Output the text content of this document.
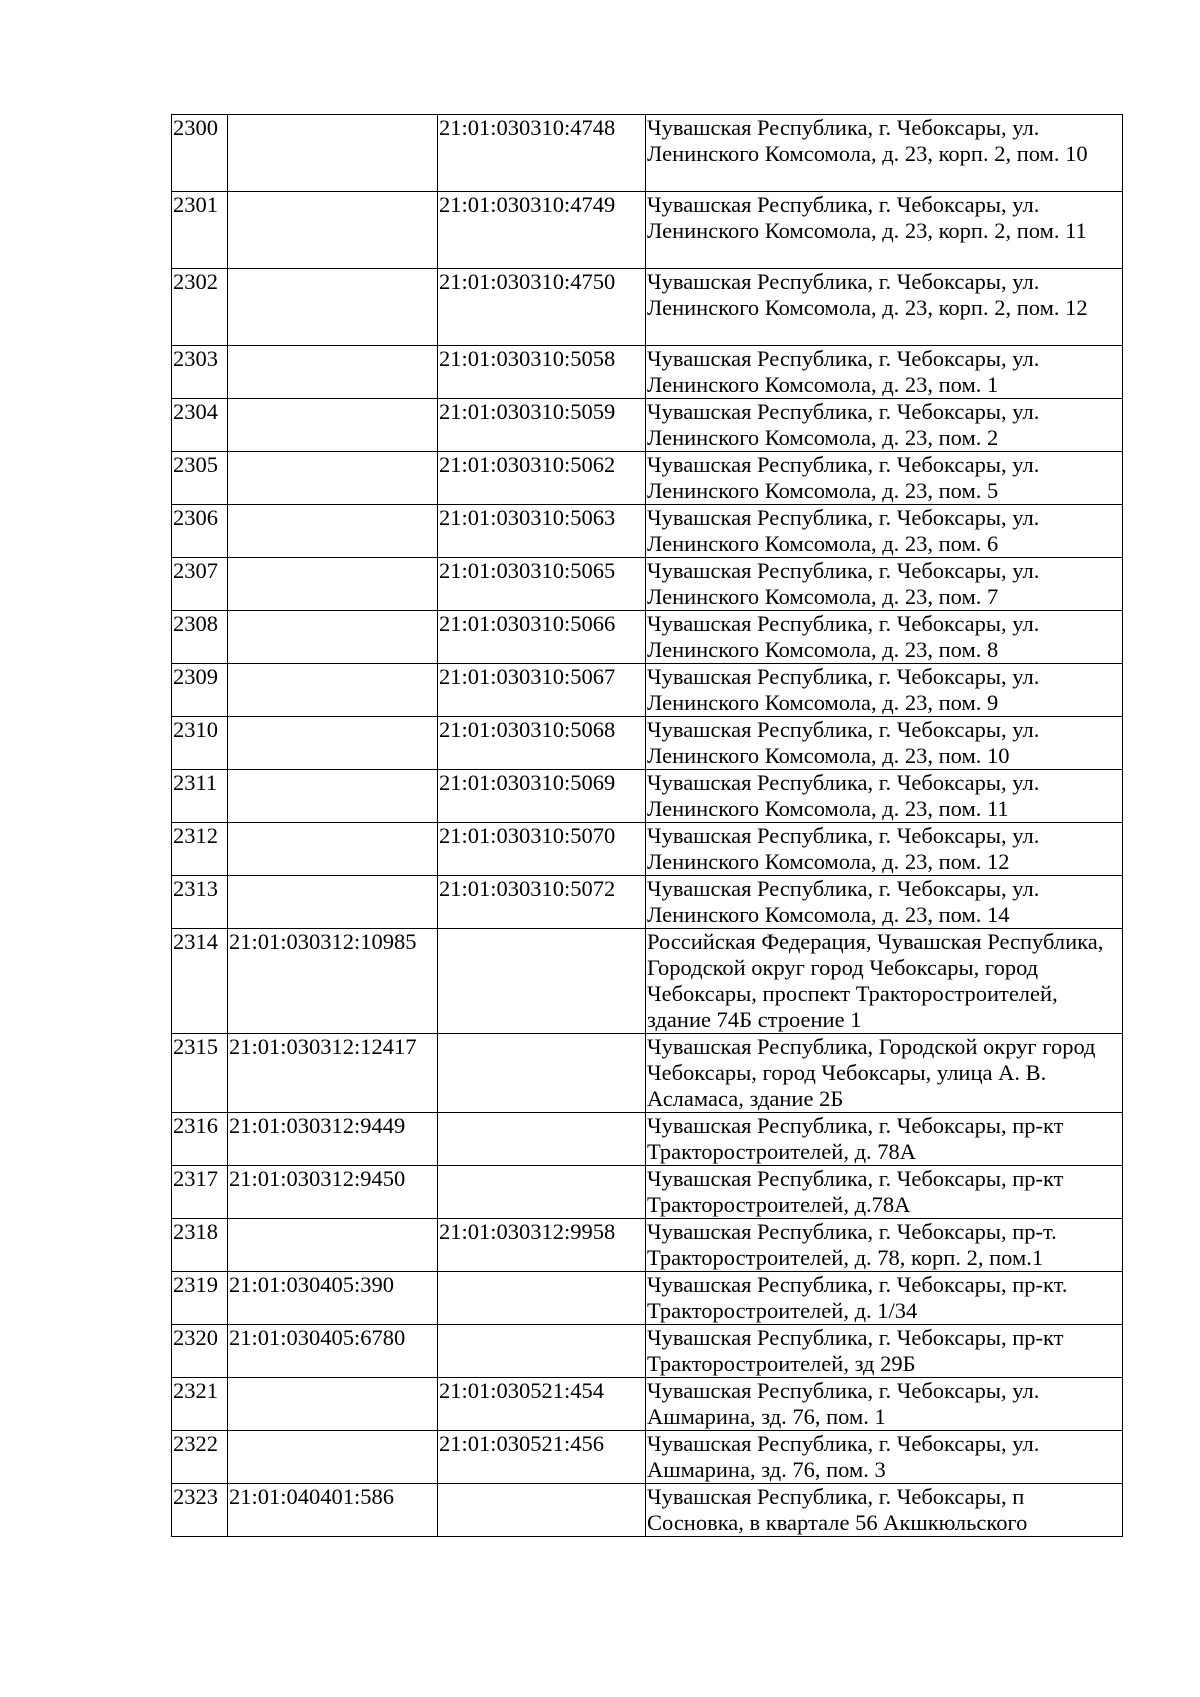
2300		21:01:030310:4748	Чувашская Республика, г. Чебоксары, ул. Ленинского Комсомола, д. 23, корп. 2, пом. 10
2301		21:01:030310:4749	Чувашская Республика, г. Чебоксары, ул. Ленинского Комсомола, д. 23, корп. 2, пом. 11
2302		21:01:030310:4750	Чувашская Республика, г. Чебоксары, ул. Ленинского Комсомола, д. 23, корп. 2, пом. 12
2303		21:01:030310:5058	Чувашская Республика, г. Чебоксары, ул. Ленинского Комсомола, д. 23, пом. 1
2304		21:01:030310:5059	Чувашская Республика, г. Чебоксары, ул. Ленинского Комсомола, д. 23, пом. 2
2305		21:01:030310:5062	Чувашская Республика, г. Чебоксары, ул. Ленинского Комсомола, д. 23, пом. 5
2306		21:01:030310:5063	Чувашская Республика, г. Чебоксары, ул. Ленинского Комсомола, д. 23, пом. 6
2307		21:01:030310:5065	Чувашская Республика, г. Чебоксары, ул. Ленинского Комсомола, д. 23, пом. 7
2308		21:01:030310:5066	Чувашская Республика, г. Чебоксары, ул. Ленинского Комсомола, д. 23, пом. 8
2309		21:01:030310:5067	Чувашская Республика, г. Чебоксары, ул. Ленинского Комсомола, д. 23, пом. 9
2310		21:01:030310:5068	Чувашская Республика, г. Чебоксары, ул. Ленинского Комсомола, д. 23, пом. 10
2311		21:01:030310:5069	Чувашская Республика, г. Чебоксары, ул. Ленинского Комсомола, д. 23, пом. 11
2312		21:01:030310:5070	Чувашская Республика, г. Чебоксары, ул. Ленинского Комсомола, д. 23, пом. 12
2313		21:01:030310:5072	Чувашская Республика, г. Чебоксары, ул. Ленинского Комсомола, д. 23, пом. 14
2314	21:01:030312:10985		Российская Федерация, Чувашская Республика, Городской округ город Чебоксары, город Чебоксары, проспект Тракторостроителей, здание 74Б строение 1
2315	21:01:030312:12417		Чувашская Республика, Городской округ город Чебоксары, город Чебоксары, улица А. В. Асламаса, здание 2Б
2316	21:01:030312:9449		Чувашская Республика, г. Чебоксары, пр-кт Тракторостроителей, д. 78А
2317	21:01:030312:9450		Чувашская Республика, г. Чебоксары, пр-кт Тракторостроителей, д.78А
2318		21:01:030312:9958	Чувашская Республика, г. Чебоксары, пр-т. Тракторостроителей, д. 78, корп. 2, пом.1
2319	21:01:030405:390		Чувашская Республика, г. Чебоксары, пр-кт. Тракторостроителей, д. 1/34
2320	21:01:030405:6780		Чувашская Республика, г. Чебоксары, пр-кт Тракторостроителей, зд 29Б
2321		21:01:030521:454	Чувашская Республика, г. Чебоксары, ул. Ашмарина, зд. 76, пом. 1
2322		21:01:030521:456	Чувашская Республика, г. Чебоксары, ул. Ашмарина, зд. 76, пом. 3
2323	21:01:040401:586		Чувашская Республика, г. Чебоксары, п Сосновка, в квартале 56 Акшкюльского
